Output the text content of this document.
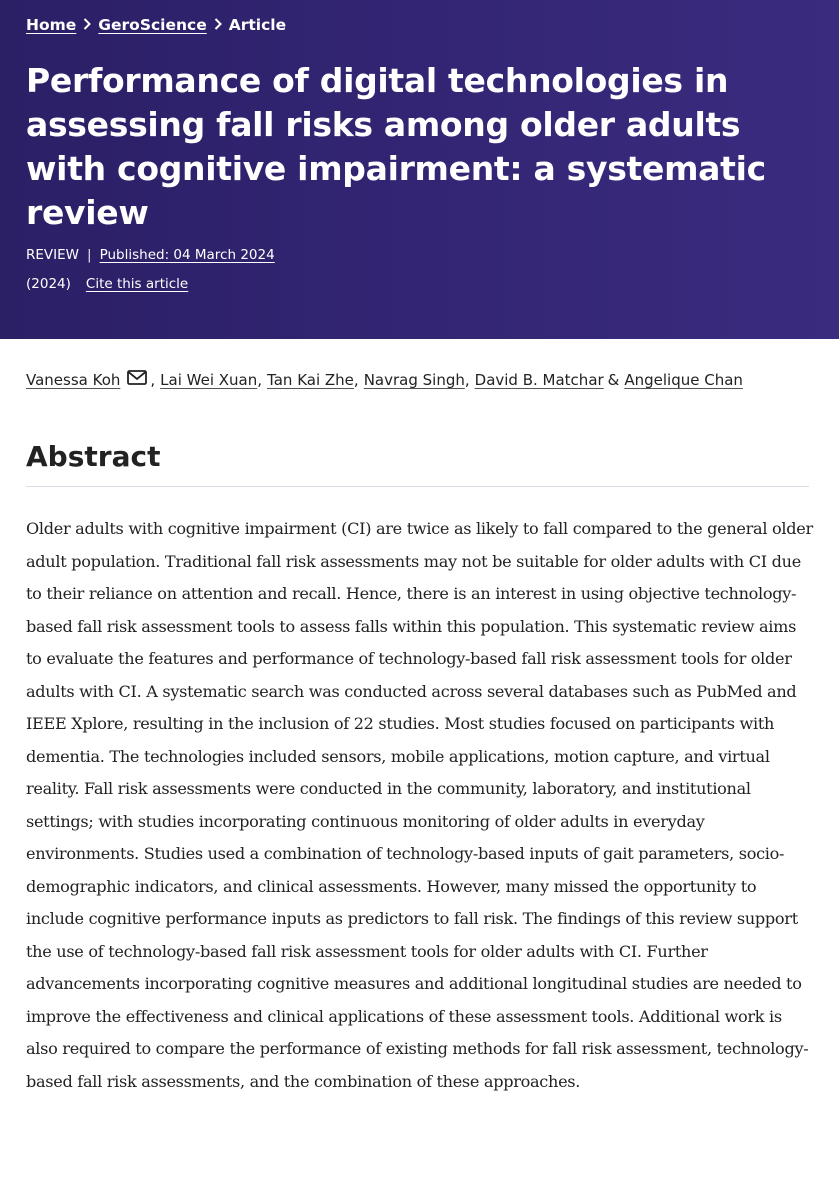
Home GeroScience Article
Performance of digital technologies in assessing fall risks among older adults with cognitive impairment: a systematic review
REVIEW | Published: 04 March 2024
(2024) Cite this article
Vanessa Koh , Lai Wei Xuan , Tan Kai Zhe , Navrag Singh , David B. Matchar & Angelique Chan
Abstract

Older adults with cognitive impairment (CI) are twice as likely to fall compared to the general older adult population. Traditional fall risk assessments may not be suitable for older adults with CI due to their reliance on attention and recall. Hence, there is an interest in using objective technology-based fall risk assessment tools to assess falls within this population. This systematic review aims to evaluate the features and performance of technology-based fall risk assessment tools for older adults with CI. A systematic search was conducted across several databases such as PubMed and IEEE Xplore, resulting in the inclusion of 22 studies. Most studies focused on participants with dementia. The technologies included sensors, mobile applications, motion capture, and virtual reality. Fall risk assessments were conducted in the community, laboratory, and institutional settings; with studies incorporating continuous monitoring of older adults in everyday environments. Studies used a combination of technology-based inputs of gait parameters, socio-demographic indicators, and clinical assessments. However, many missed the opportunity to include cognitive performance inputs as predictors to fall risk. The findings of this review support the use of technology-based fall risk assessment tools for older adults with CI. Further advancements incorporating cognitive measures and additional longitudinal studies are needed to improve the effectiveness and clinical applications of these assessment tools. Additional work is also required to compare the performance of existing methods for fall risk assessment, technology-based fall risk assessments, and the combination of these approaches.
